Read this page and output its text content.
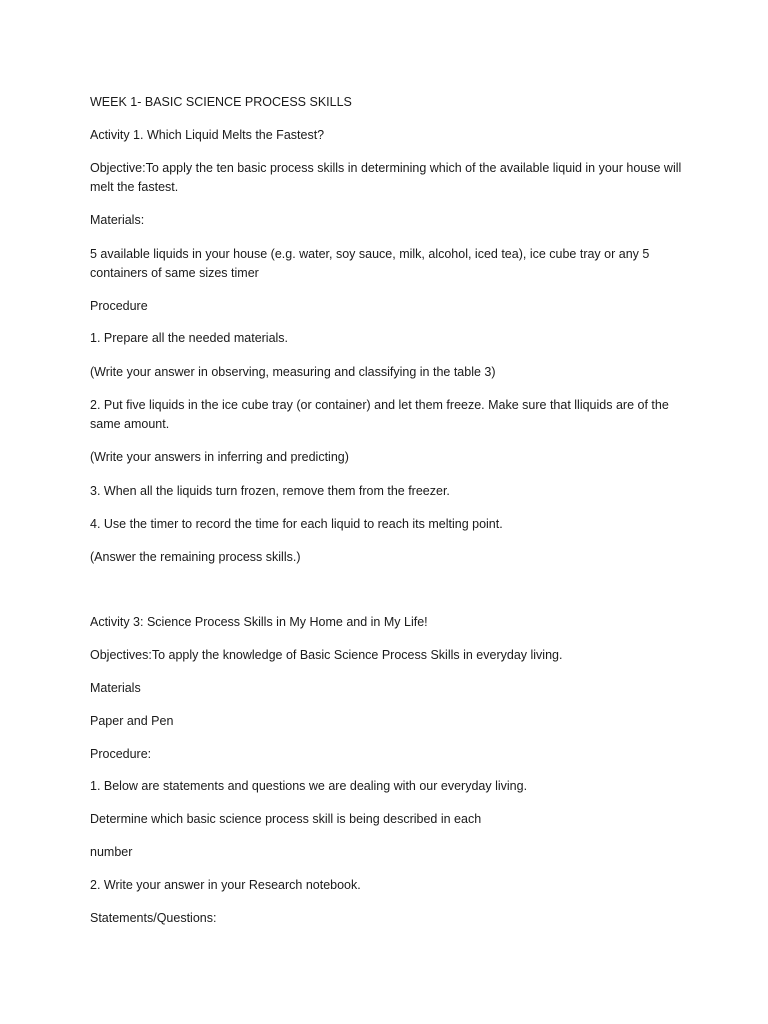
WEEK 1- BASIC SCIENCE PROCESS SKILLS

Activity 1. Which Liquid Melts the Fastest?

Objective:To apply the ten basic process skills in determining which of the available liquid in your house will melt the fastest.

Materials:

5 available liquids in your house (e.g. water, soy sauce, milk, alcohol, iced tea), ice cube tray or any 5 containers of same sizes timer

Procedure

1. Prepare all the needed materials.

(Write your answer in observing, measuring and classifying in the table 3)

2. Put five liquids in the ice cube tray (or container) and let them freeze. Make sure that lliquids are of the same amount.

(Write your answers in inferring and predicting)

3. When all the liquids turn frozen, remove them from the freezer.

4. Use the timer to record the time for each liquid to reach its melting point.

(Answer the remaining process skills.)

Activity 3: Science Process Skills in My Home and in My Life!

Objectives:To apply the knowledge of Basic Science Process Skills in everyday living.

Materials

Paper and Pen

Procedure:

1. Below are statements and questions we are dealing with our everyday living.

Determine which basic science process skill is being described in each

number

2. Write your answer in your Research notebook.

Statements/Questions:
